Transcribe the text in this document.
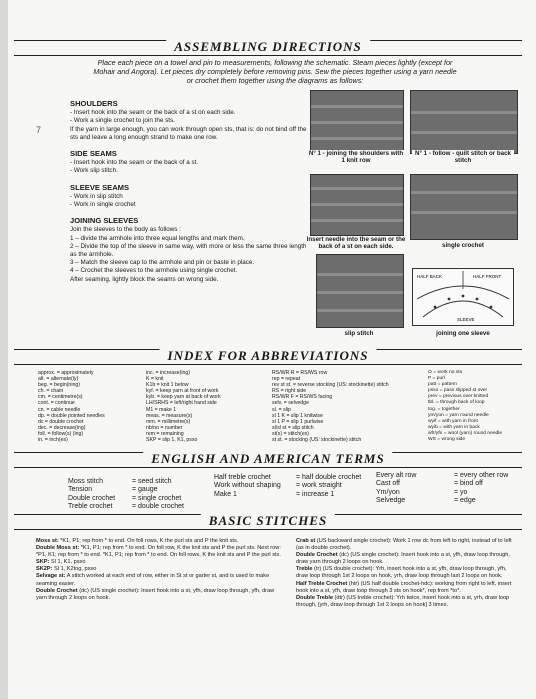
ASSEMBLING DIRECTIONS
Place each piece on a towel and pin to measurements, following the schematic. Steam pieces lightly (except for Mohair and Angora). Let pieces dry completely before removing pins. Sew the pieces together using a yarn needle or crochet them together using the diagrams as follows:
7
SHOULDERS
- Insert hook into the seam or the back of a st on each side.
- Work a single crochet to join the sts.
If the yarn in large enough, you can work through open sts, that is: do not bind off the sts and leave a long enough strand to make one row.
SIDE SEAMS
- Insert hook into the seam or the back of a st.
- Work slip stitch.
SLEEVE SEAMS
- Work in slip stitch
- Work in single crochet
JOINING SLEEVES
Join the sleeves to the body as follows :
1 – divide the armhole into three equal lengths and mark them.
2 – Divide the top of the sleeve in same way, with more or less the same three length as the armhole.
3 – Match the sleeve cap to the armhole and pin or baste in place.
4 – Crochet the sleeves to the armhole using single crochet.
After seaming, lightly block the seams on wrong side.
N° 1 - joining the shoulders with 1 knit row
N° 1 - follow - quilt stitch or back stitch
Insert needle into the seam or the back of a st on each side.	single crochet
slip stitch
HALF BACK	HALF FRONT
SLEEVE
joining one sleeve
INDEX FOR ABBREVIATIONS
approx. = approximately
alt. = alternate(ly)
beg. = begin(ning)
ch. = chain
cm. = centimetre(s)
cont. = continue
cn. = cable needle
dp. = double pointed needles
dc = double crochet
dec. = decrease(ing)
foll. = follow(s) (ing)
in. = inch(es)
inc. = increase(ing)
K = knit
K1b = knit 1 below
kyf. = keep yarn at front of work
kyb. = keep yarn at back of work
LH/SRHS = left/right hand side
M1 = make 1
meas. = measure(s)
mm. = millimetre(s)
nb/no = number
rem = remaining
SKP = slip 1, K1, psso
RS/WR R = RS/WS row
rep = repeat
rev st st. = reverse stocking (US: stockinette) stitch
RS = right side
RS/WR F = RS/WS facing
selv. = selvedge
sl. = slip
sl 1 K = slip 1 knitwise
sl 1 P = slip 1 purlwise
sl/sl st = slip stitch
st(s) = stitch(es)
st st. = stocking (US: stockinette) stitch
O = work no sts
P = purl
patt = pattern
psso = pass slipped st over
prev = previous over knitted
tbl. = through back of loop
tog. = together
ym/yon = yarn round needle
wyif = with yarn in front
wyib = with yarn in back
wfr/yfn = wool (yarn) round needle
WS = wrong side
ENGLISH AND AMERICAN TERMS
Moss stitch
Tension
Double crochet
Treble crochet
= seed stitch
= gauge
= single crochet
= double crochet
Half treble crochet
Work without shaping
Make 1
= half double crochet
= work straight
= increase 1
Every alt row
Cast off
Ym/yon
Selvedge
= every other row
= bind off
= yo
= edge
BASIC STITCHES
Moss st: *K1, P1; rep from * to end. On foll rows, K the purl sts and P the knit sts.
Double Moss st: *K1, P1; rep from * to end. On foll row, K the knit sts and P the purl sts. Next row: *P1, K1; rep from * to end. *K1, P1; rep from * to end. On foll rows, K the knit sts and P the purl sts.
SKP: Sl 1, K1, psso
SK2P: Sl 1, K2tog, psso
Selvage st: A stitch worked at each end of row, either in St st or garter st, and is used to make seaming easier.
Double Crochet (dc) (US single crochet): Insert hook into a st, yfh, draw loop through, yfh, draw yarn through 2 loops on hook.
Crab st (US backward single crochet): Work 1 row dc from left to right, instead of to left (as in double crochet).
Double Crochet (dc) (US single crochet): Insert hook into a st, yfh, draw loop through, draw yarn through 2 loops on hook.
Treble (tr) (US double crochet): Yrh, insert hook into a st, yfh, draw loop through, yfh, draw loop through 1st 2 loops on hook, yrh, draw loop through last 2 loops on hook.
Half Treble Crochet (htr) (US half double crochet-hdc): working from right to left, insert hook into a st, yfh, draw loop through 3 sts on hook*, rep from *to*.
Double Treble (dtr) (US treble crochet): Yrh twice, insert hook into a st, yrh, draw loop through, [yrh, draw loop through 1st 2 loops on hook] 3 times.
